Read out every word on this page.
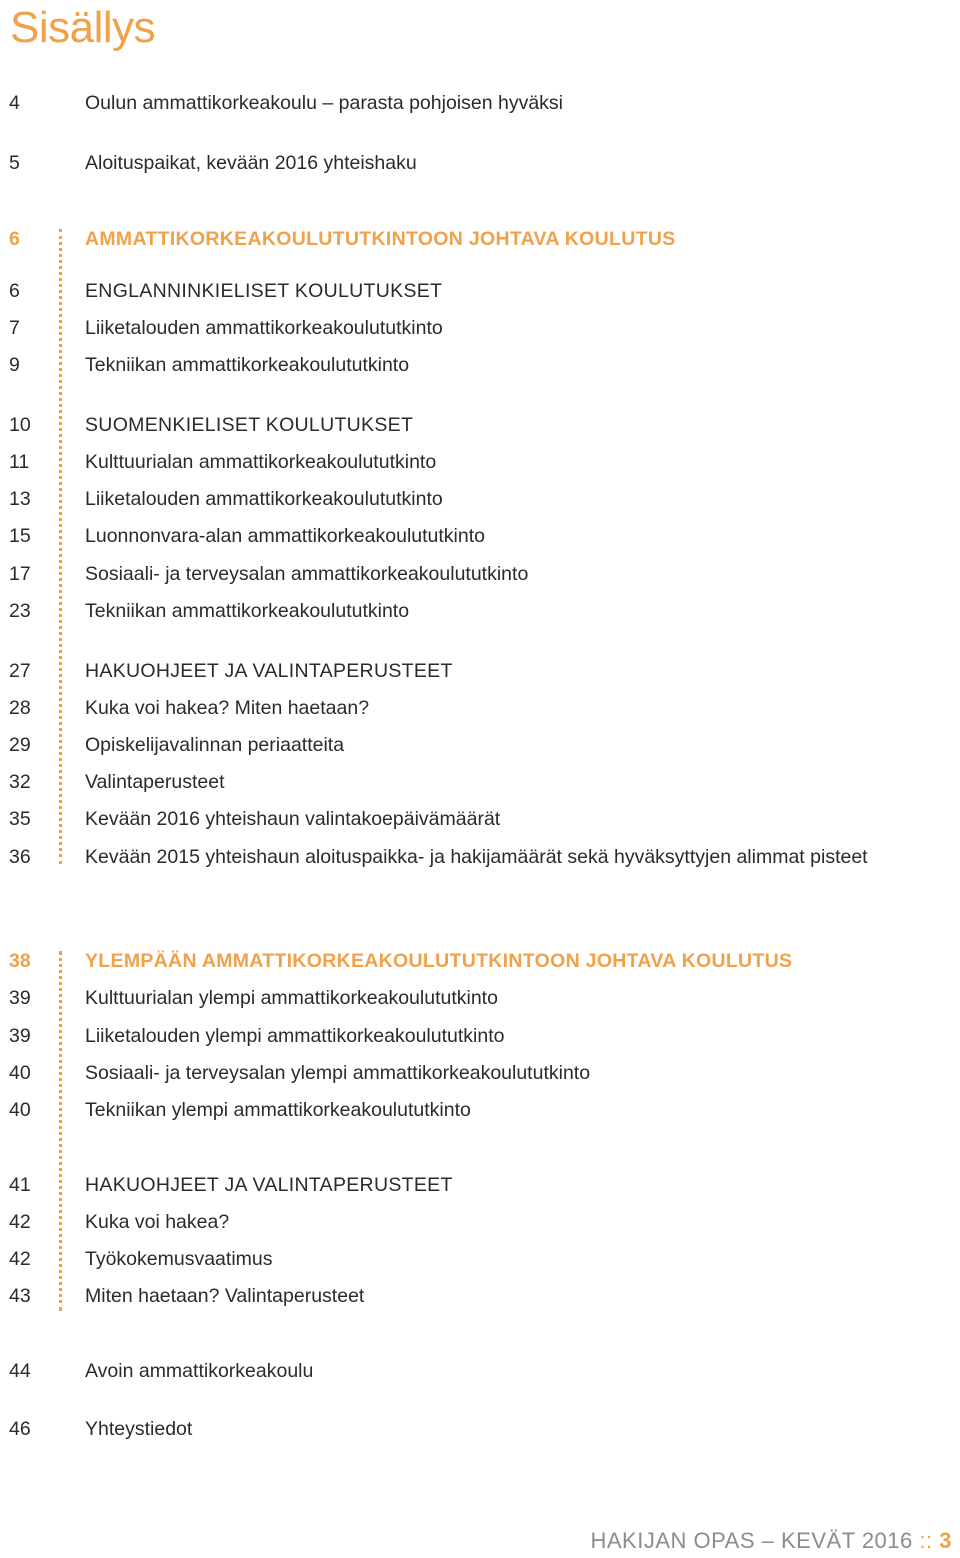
Sisällys
4	Oulun ammattikorkeakoulu – parasta pohjoisen hyväksi
5	Aloituspaikat, kevään 2016 yhteishaku
6	AMMATTIKORKEAKOULUTUTKINTOON JOHTAVA KOULUTUS
6	ENGLANNINKIELISET KOULUTUKSET
7	Liiketalouden ammattikorkeakoulututkinto
9	Tekniikan ammattikorkeakoulututkinto
10	SUOMENKIELISET KOULUTUKSET
11	Kulttuurialan ammattikorkeakoulututkinto
13	Liiketalouden ammattikorkeakoulututkinto
15	Luonnonvara-alan ammattikorkeakoulututkinto
17	Sosiaali- ja terveysalan ammattikorkeakoulututkinto
23	Tekniikan ammattikorkeakoulututkinto
27	HAKUOHJEET JA VALINTAPERUSTEET
28	Kuka voi hakea? Miten haetaan?
29	Opiskelijavalinnan periaatteita
32	Valintaperusteet
35	Kevään 2016 yhteishaun valintakoepäivämäärät
36	Kevään 2015 yhteishaun aloituspaikka- ja hakijamäärät sekä hyväksyttyjen alimmat pisteet
38	YLEMPÄÄN AMMATTIKORKEAKOULUTUTKINTOON JOHTAVA KOULUTUS
39	Kulttuurialan ylempi ammattikorkeakoulututkinto
39	Liiketalouden ylempi ammattikorkeakoulututkinto
40	Sosiaali- ja terveysalan ylempi ammattikorkeakoulututkinto
40	Tekniikan ylempi ammattikorkeakoulututkinto
41	HAKUOHJEET JA VALINTAPERUSTEET
42	Kuka voi hakea?
42	Työkokemusvaatimus
43	Miten haetaan? Valintaperusteet
44	Avoin ammattikorkeakoulu
46	Yhteystiedot
HAKIJAN OPAS – KEVÄT 2016 :: 3
